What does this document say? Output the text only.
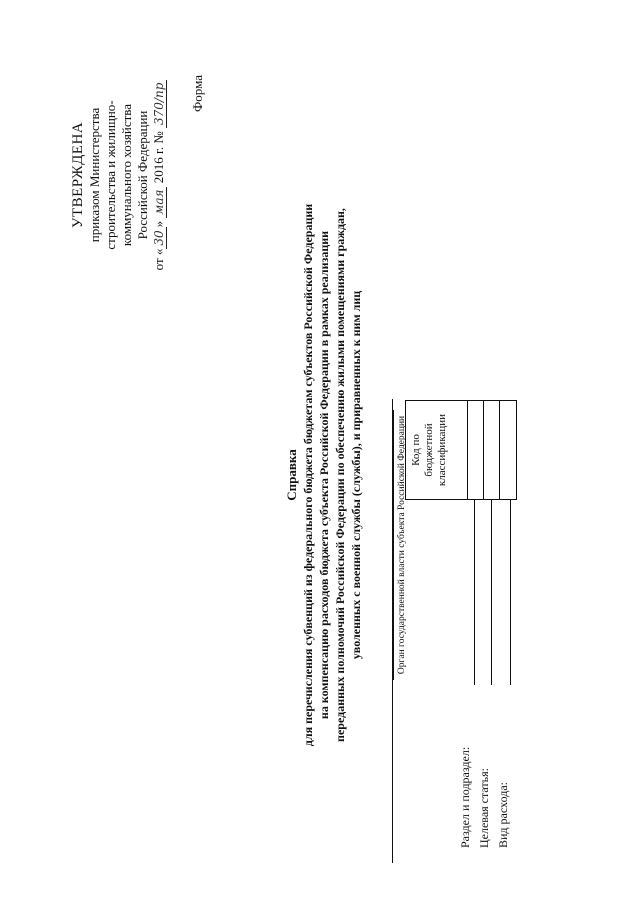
УТВЕРЖДЕНА приказом Министерства строительства и жилищно- коммунального хозяйства Российской Федерации
от «30» мая 2016 г. № 370/пр Форма
Справка для перечисления субвенций из федерального бюджета бюджетам субъектов Российской Федерации на компенсацию расходов бюджета субъекта Российской Федерации в рамках реализации переданных полномочий Российской Федерации по обеспечению жилыми помещениями граждан, уволенных с военной службы (службы), и приравненных к ним лиц	Орган государственной власти субъекта Российской Федерации Код по бюджетной классификации
Раздел и подраздел: Целевая статья: Вид расхода:
